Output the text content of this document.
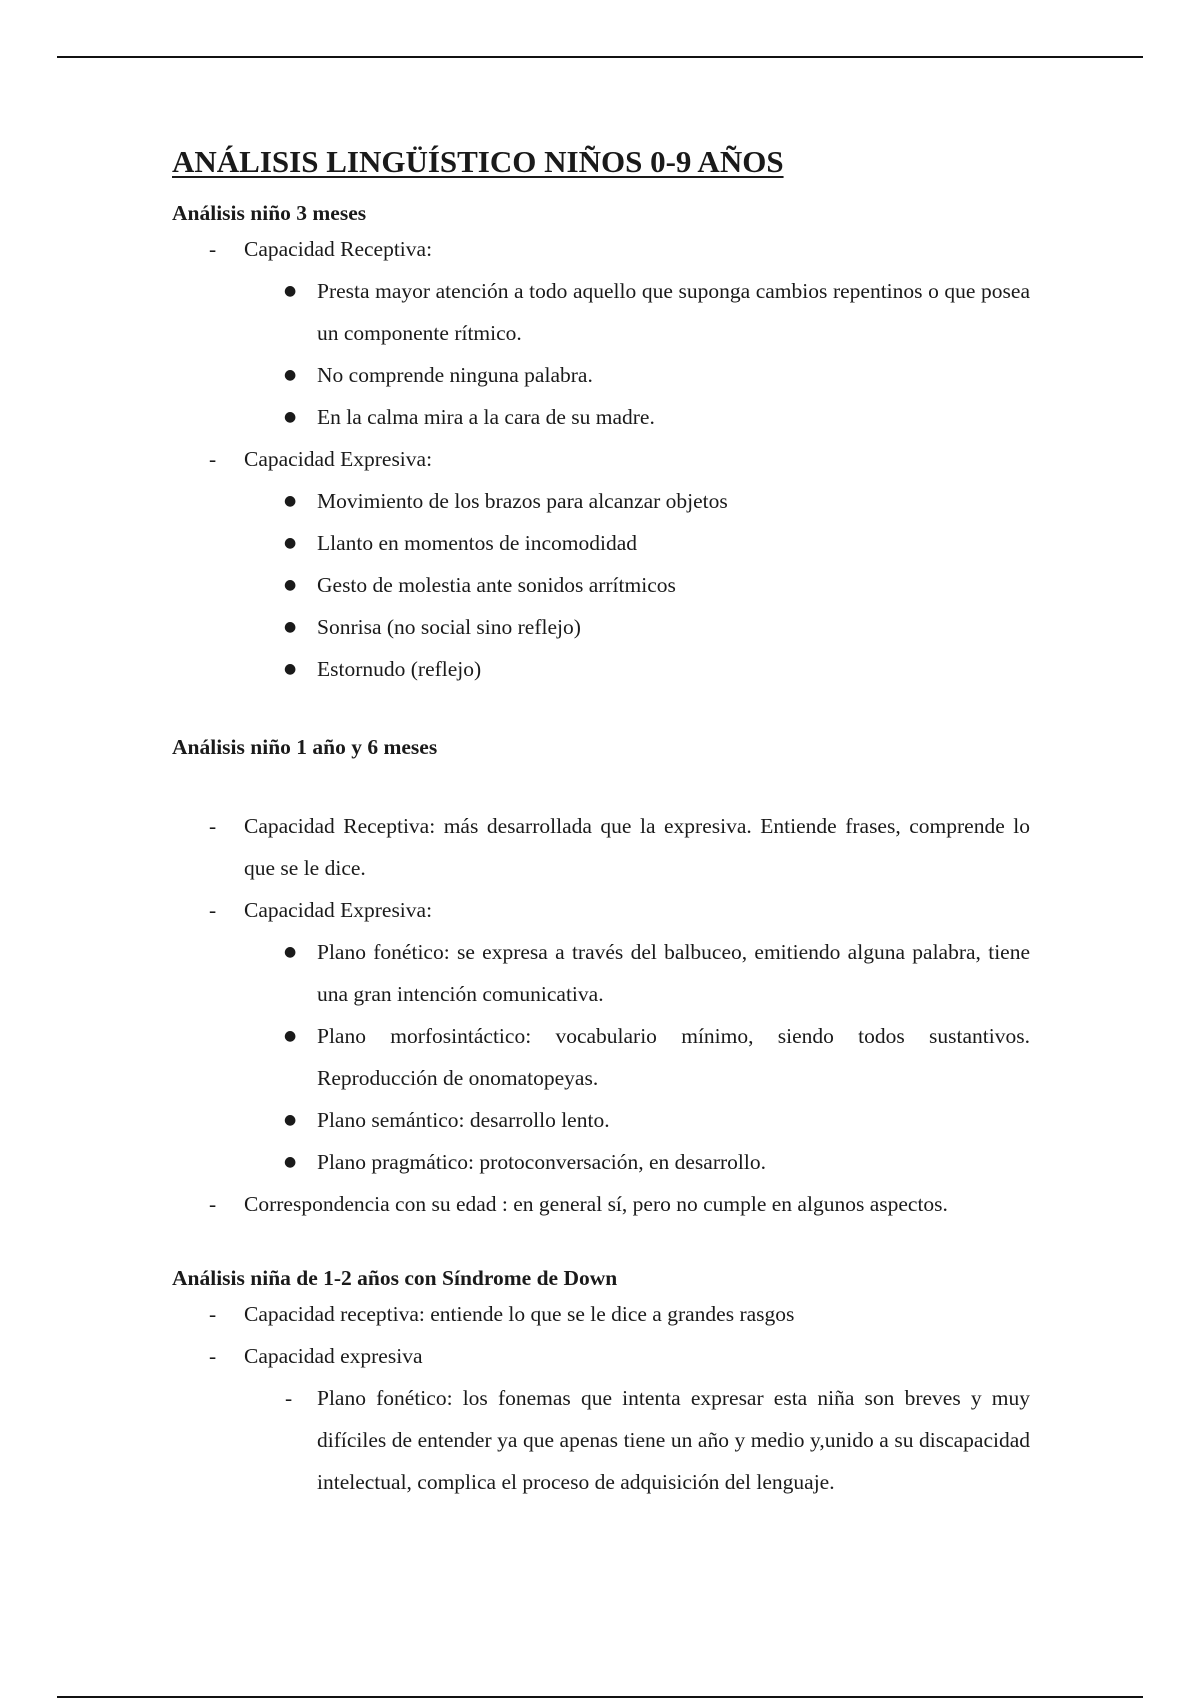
ANÁLISIS LINGÜÍSTICO NIÑOS 0-9 AÑOS
Análisis niño 3 meses
- Capacidad Receptiva:
● Presta mayor atención a todo aquello que suponga cambios repentinos o que posea un componente rítmico.
● No comprende ninguna palabra.
● En la calma mira a la cara de su madre.
- Capacidad Expresiva:
● Movimiento de los brazos para alcanzar objetos
● Llanto en momentos de incomodidad
● Gesto de molestia ante sonidos arrítmicos
● Sonrisa (no social sino reflejo)
● Estornudo (reflejo)
Análisis niño 1 año y 6 meses
- Capacidad Receptiva: más desarrollada que la expresiva. Entiende frases, comprende lo que se le dice.
- Capacidad Expresiva:
● Plano fonético: se expresa a través del balbuceo, emitiendo alguna palabra, tiene una gran intención comunicativa.
● Plano morfosintáctico: vocabulario mínimo, siendo todos sustantivos. Reproducción de onomatopeyas.
● Plano semántico: desarrollo lento.
● Plano pragmático: protoconversación, en desarrollo.
- Correspondencia con su edad : en general sí, pero no cumple en algunos aspectos.
Análisis niña de 1-2 años con Síndrome de Down
- Capacidad receptiva: entiende lo que se le dice a grandes rasgos
- Capacidad expresiva
- Plano fonético: los fonemas que intenta expresar esta niña son breves y muy difíciles de entender ya que apenas tiene un año y medio y,unido a su discapacidad intelectual, complica el proceso de adquisición del lenguaje.
